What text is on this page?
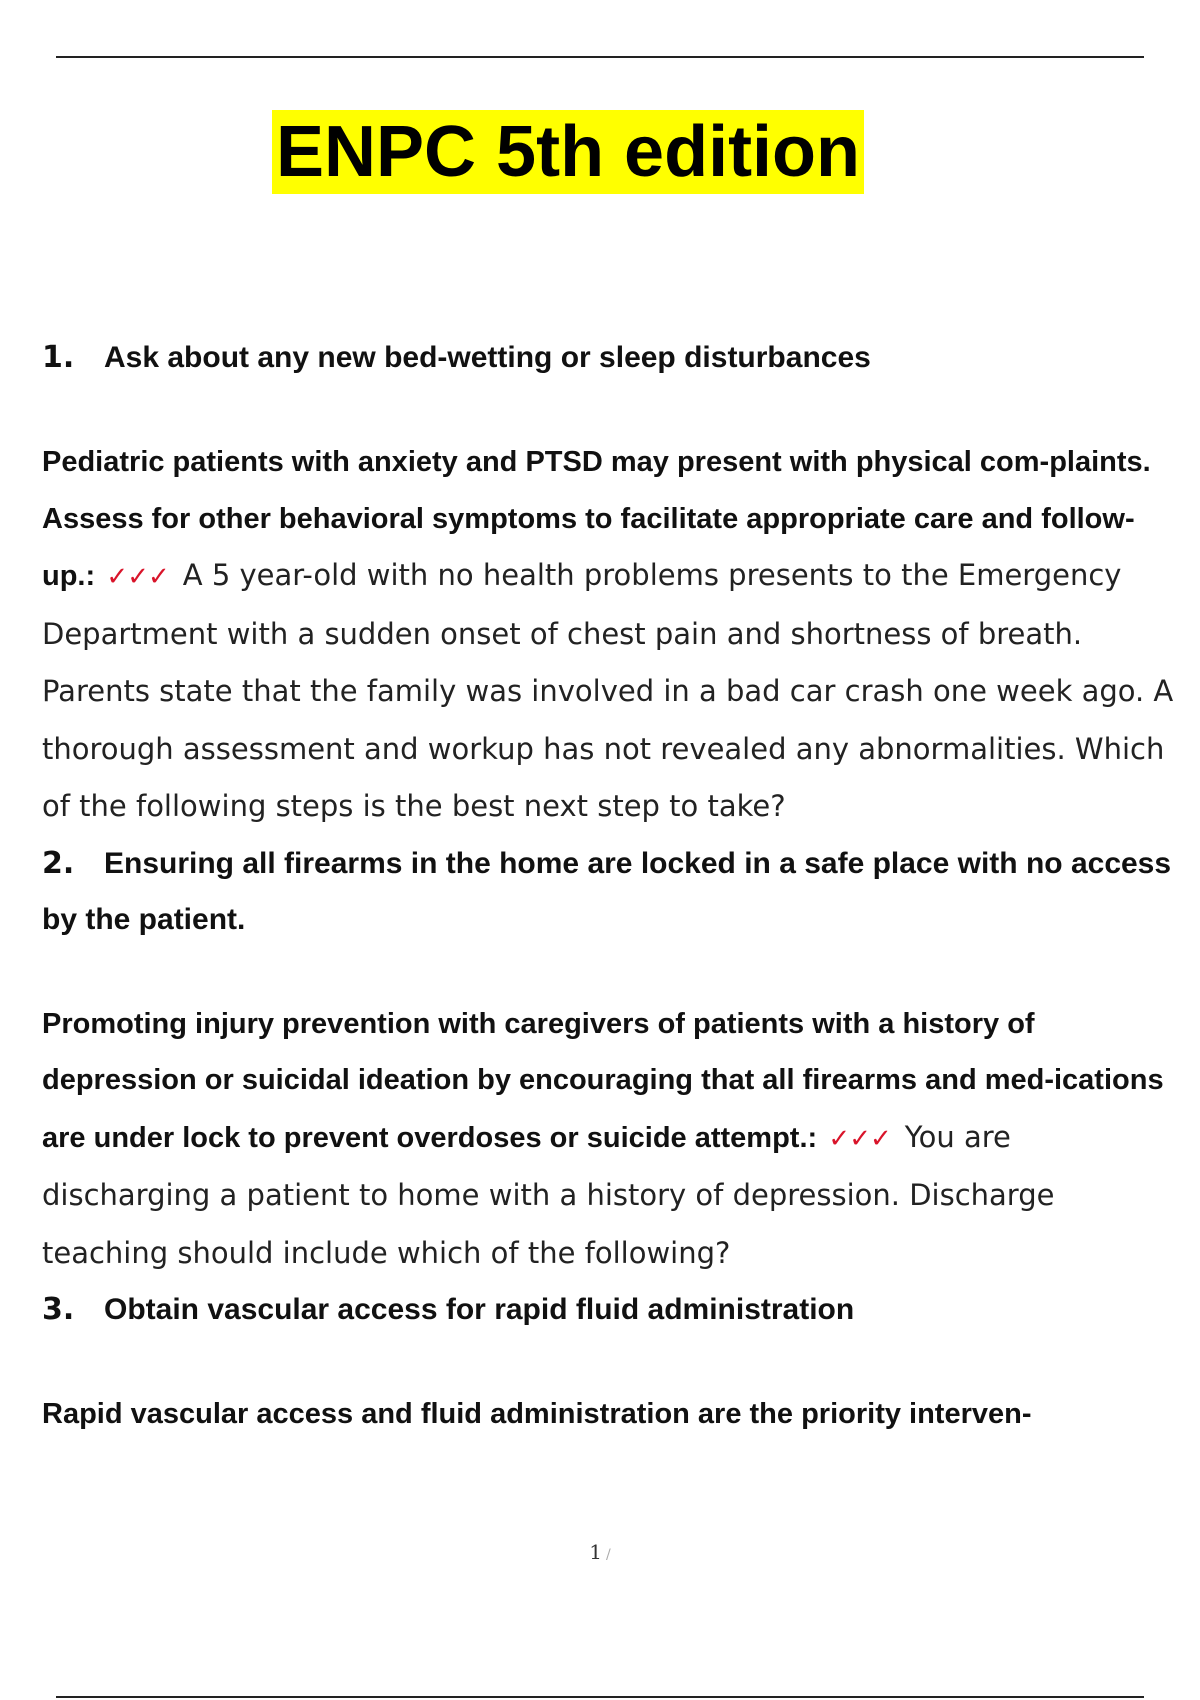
ENPC 5th edition

1. Ask about any new bed-wetting or sleep disturbances

Pediatric patients with anxiety and PTSD may present with physical com-plaints. Assess for other behavioral symptoms to facilitate appropriate care and follow-up.: ✓✓✓ A 5 year-old with no health problems presents to the Emergency Department with a sudden onset of chest pain and shortness of breath. Parents state that the family was involved in a bad car crash one week ago. A thorough assessment and workup has not revealed any abnormalities. Which of the following steps is the best next step to take?

2. Ensuring all firearms in the home are locked in a safe place with no access by the patient.

Promoting injury prevention with caregivers of patients with a history of depression or suicidal ideation by encouraging that all firearms and med-ications are under lock to prevent overdoses or suicide attempt.: ✓✓✓ You are discharging a patient to home with a history of depression. Discharge teaching should include which of the following?

3. Obtain vascular access for rapid fluid administration

Rapid vascular access and fluid administration are the priority interven-

1 /
